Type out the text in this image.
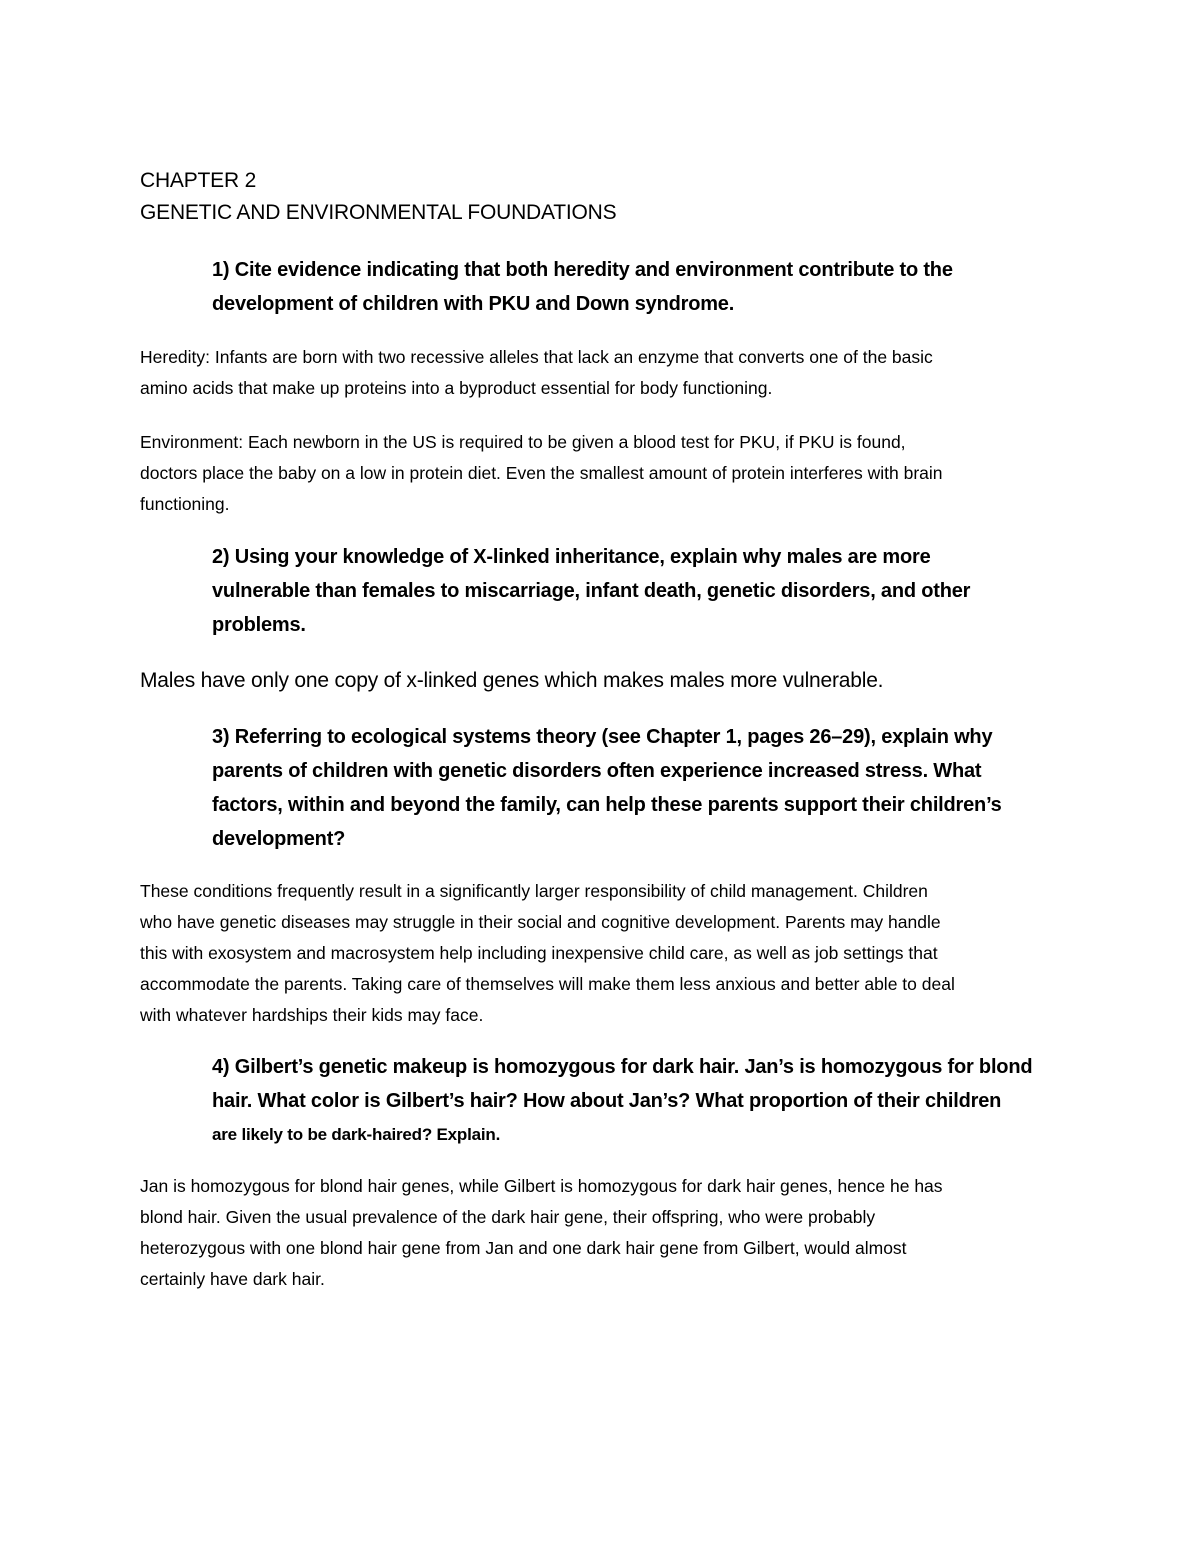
CHAPTER 2
GENETIC AND ENVIRONMENTAL FOUNDATIONS
1) Cite evidence indicating that both heredity and environment contribute to the
development of children with PKU and Down syndrome.
Heredity: Infants are born with two recessive alleles that lack an enzyme that converts one of the basic
amino acids that make up proteins into a byproduct essential for body functioning.
Environment: Each newborn in the US is required to be given a blood test for PKU, if PKU is found,
doctors place the baby on a low in protein diet. Even the smallest amount of protein interferes with brain
functioning.
2) Using your knowledge of X-linked inheritance, explain why males are more
vulnerable than females to miscarriage, infant death, genetic disorders, and other
problems.
Males have only one copy of x-linked genes which makes males more vulnerable.
3) Referring to ecological systems theory (see Chapter 1, pages 26–29), explain why
parents of children with genetic disorders often experience increased stress. What
factors, within and beyond the family, can help these parents support their children’s
development?
These conditions frequently result in a significantly larger responsibility of child management. Children
who have genetic diseases may struggle in their social and cognitive development. Parents may handle
this with exosystem and macrosystem help including inexpensive child care, as well as job settings that
accommodate the parents. Taking care of themselves will make them less anxious and better able to deal
with whatever hardships their kids may face.
4) Gilbert’s genetic makeup is homozygous for dark hair. Jan’s is homozygous for blond
hair. What color is Gilbert’s hair? How about Jan’s? What proportion of their children
are likely to be dark-haired? Explain.
Jan is homozygous for blond hair genes, while Gilbert is homozygous for dark hair genes, hence he has
blond hair. Given the usual prevalence of the dark hair gene, their offspring, who were probably
heterozygous with one blond hair gene from Jan and one dark hair gene from Gilbert, would almost
certainly have dark hair.
